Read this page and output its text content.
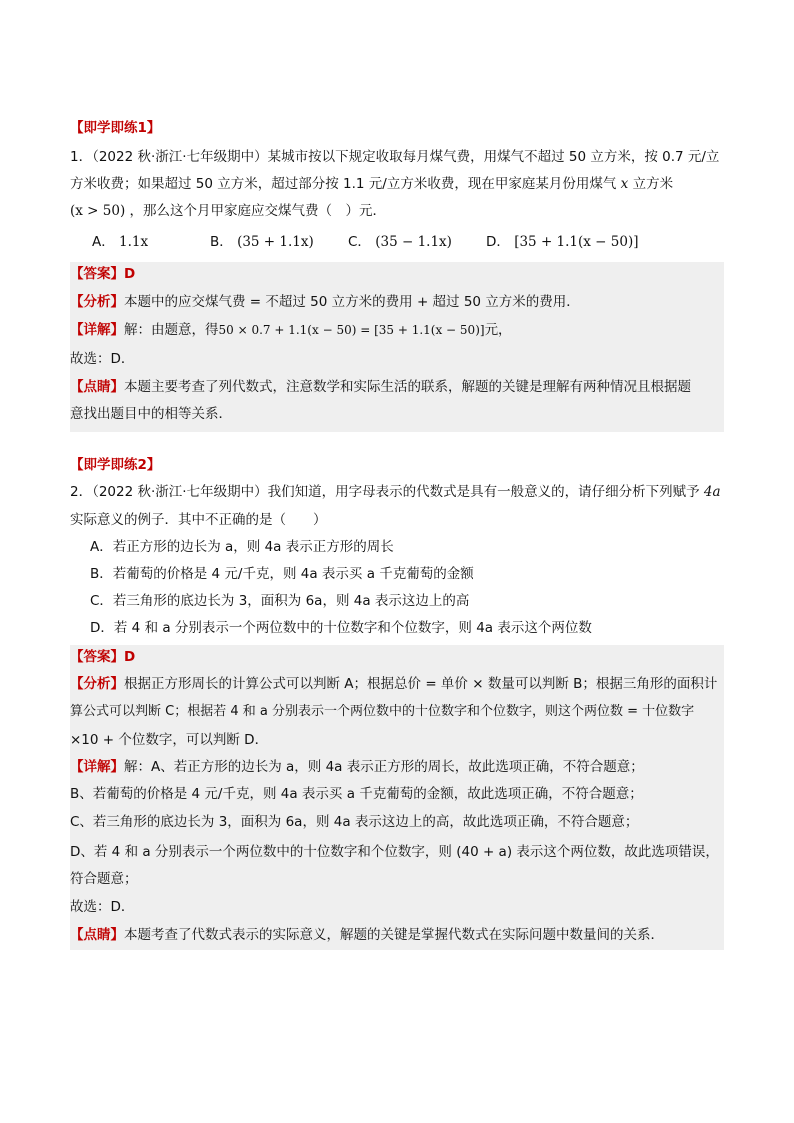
【即学即练1】
1．（2022 秋·浙江·七年级期中）某城市按以下规定收取每月煤气费，用煤气不超过 50 立方米，按 0.7 元/立
方米收费；如果超过 50 立方米，超过部分按 1.1 元/立方米收费，现在甲家庭某月份用煤气 x 立方米
(x > 50) ，那么这个月甲家庭应交煤气费（　）元．
A． 1.1x	B． (35 + 1.1x)	C． (35 − 1.1x)	D． [35 + 1.1(x − 50)]
【答案】D
【分析】本题中的应交煤气费 = 不超过 50 立方米的费用 + 超过 50 立方米的费用．
【详解】解：由题意，得50 × 0.7 + 1.1(x − 50) = [35 + 1.1(x − 50)]元，
故选：D．
【点睛】本题主要考查了列代数式，注意数学和实际生活的联系，解题的关键是理解有两种情况且根据题
意找出题目中的相等关系．
【即学即练2】
2．（2022 秋·浙江·七年级期中）我们知道，用字母表示的代数式是具有一般意义的，请仔细分析下列赋予 4a
实际意义的例子．其中不正确的是（　　）
A．若正方形的边长为 a，则 4a 表示正方形的周长
B．若葡萄的价格是 4 元/千克，则 4a 表示买 a 千克葡萄的金额
C．若三角形的底边长为 3，面积为 6a，则 4a 表示这边上的高
D．若 4 和 a 分别表示一个两位数中的十位数字和个位数字，则 4a 表示这个两位数
【答案】D
【分析】根据正方形周长的计算公式可以判断 A；根据总价 = 单价 × 数量可以判断 B；根据三角形的面积计
算公式可以判断 C；根据若 4 和 a 分别表示一个两位数中的十位数字和个位数字，则这个两位数 = 十位数字
×10 + 个位数字，可以判断 D．
【详解】解：A、若正方形的边长为 a，则 4a 表示正方形的周长，故此选项正确，不符合题意；
B、若葡萄的价格是 4 元/千克，则 4a 表示买 a 千克葡萄的金额，故此选项正确，不符合题意；
C、若三角形的底边长为 3，面积为 6a，则 4a 表示这边上的高，故此选项正确，不符合题意；
D、若 4 和 a 分别表示一个两位数中的十位数字和个位数字，则 (40 + a) 表示这个两位数，故此选项错误，
符合题意；
故选：D．
【点睛】本题考查了代数式表示的实际意义，解题的关键是掌握代数式在实际问题中数量间的关系．
